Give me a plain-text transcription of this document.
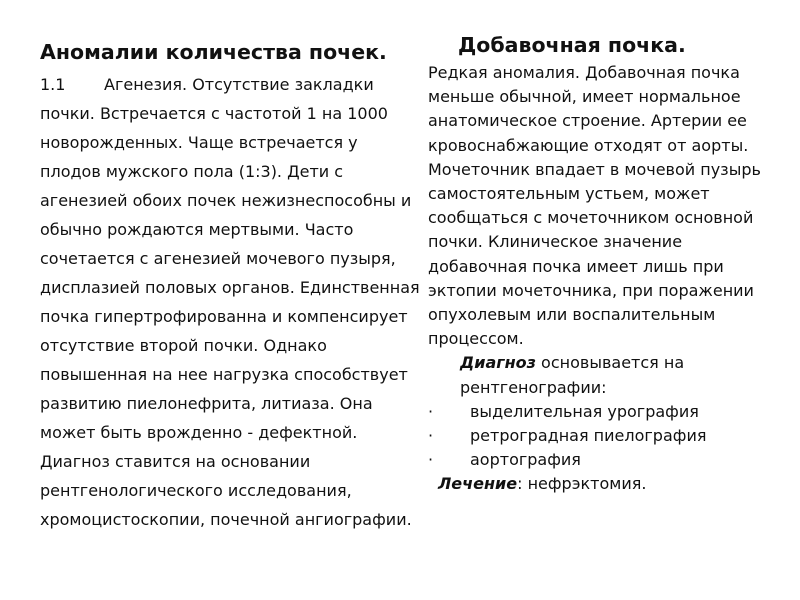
Аномалии количества почек.
1.1 Агенезия. Отсутствие закладки почки. Встречается с частотой 1 на 1000 новорожденных. Чаще встречается у плодов мужского пола (1:3). Дети с агенезией обоих почек нежизнеспособны и обычно рождаются мертвыми. Часто сочетается с агенезией мочевого пузыря, дисплазией половых органов. Единственная почка гипертрофированна и компенсирует отсутствие второй почки. Однако повышенная на нее нагрузка способствует развитию пиелонефрита, литиаза. Она может быть врожденно - дефектной. Диагноз ставится на основании рентгенологического исследования, хромоцистоскопии, почечной ангиографии.
Добавочная почка.

Редкая аномалия. Добавочная почка меньше обычной, имеет нормальное анатомическое строение. Артерии ее кровоснабжающие отходят от аорты. Мочеточник впадает в мочевой пузырь самостоятельным устьем, может сообщаться с мочеточником основной почки. Клиническое значение добавочная почка имеет лишь при эктопии мочеточника, при поражении опухолевым или воспалительным процессом.

Диагноз основывается на рентгенографии:

·	выделительная урография
·	ретроградная пиелография
·	аортография

Лечение: нефрэктомия.
